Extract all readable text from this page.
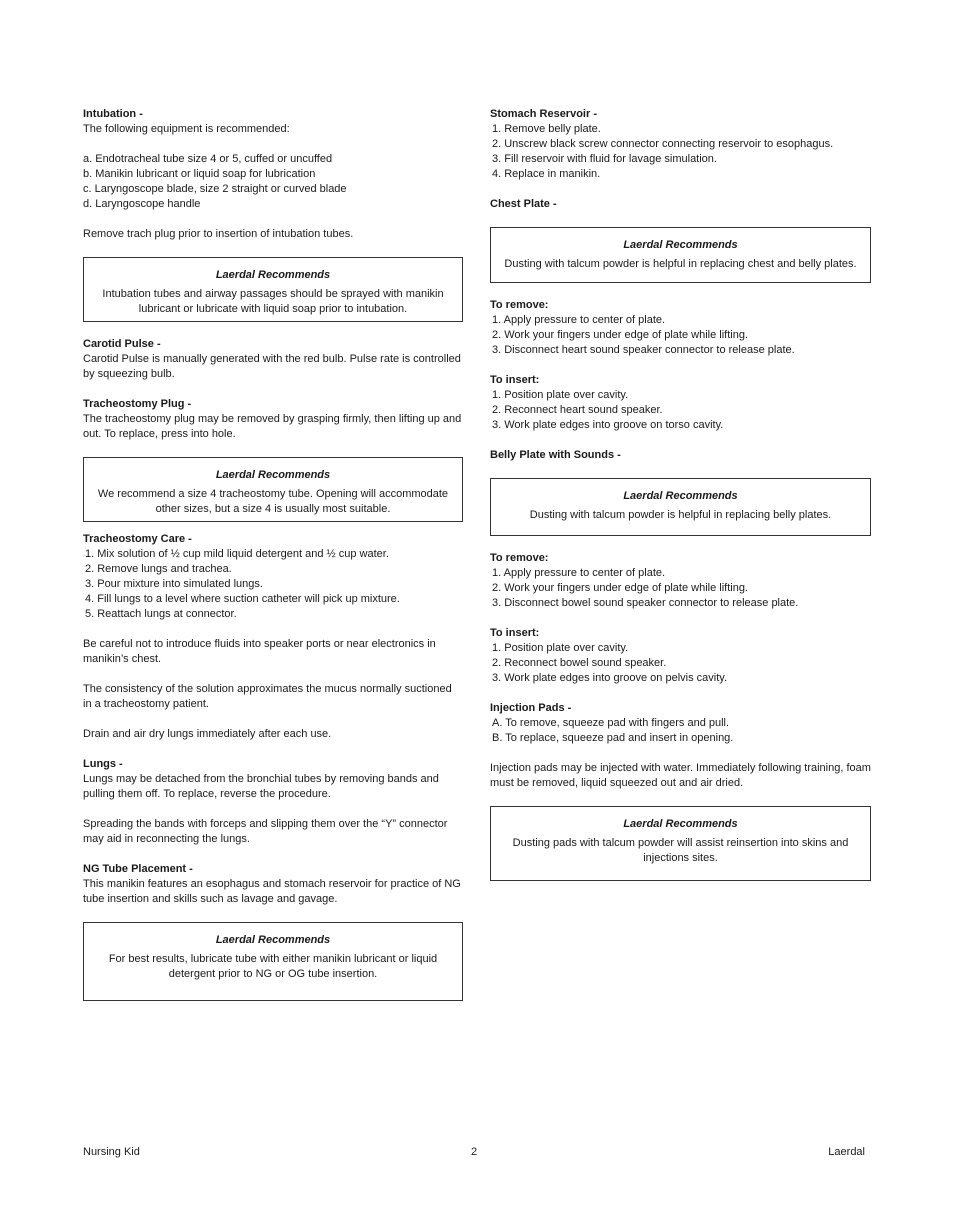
Intubation -

The following equipment is recommended:

a. Endotracheal tube size 4 or 5, cuffed or uncuffed
b. Manikin lubricant or liquid soap for lubrication
c. Laryngoscope blade, size 2 straight or curved blade
d. Laryngoscope handle

Remove trach plug prior to insertion of intubation tubes.

Laerdal Recommends
Intubation tubes and airway passages should be sprayed with manikin lubricant or lubricate with liquid soap prior to intubation.

Carotid Pulse -

Carotid Pulse is manually generated with the red bulb. Pulse rate is controlled by squeezing bulb.

Tracheostomy Plug -

The tracheostomy plug may be removed by grasping firmly, then lifting up and out. To replace, press into hole.

Laerdal Recommends
We recommend a size 4 tracheostomy tube. Opening will accommodate other sizes, but a size 4 is usually most suitable.

Tracheostomy Care -

1. Mix solution of ½ cup mild liquid detergent and ½ cup water.
2. Remove lungs and trachea.
3. Pour mixture into simulated lungs.
4. Fill lungs to a level where suction catheter will pick up mixture.
5. Reattach lungs at connector.

Be careful not to introduce fluids into speaker ports or near electronics in manikin’s chest.

The consistency of the solution approximates the mucus normally suctioned in a tracheostomy patient.

Drain and air dry lungs immediately after each use.

Lungs -

Lungs may be detached from the bronchial tubes by removing bands and pulling them off. To replace, reverse the procedure.

Spreading the bands with forceps and slipping them over the “Y” connector may aid in reconnecting the lungs.

NG Tube Placement -

This manikin features an esophagus and stomach reservoir for practice of NG tube insertion and skills such as lavage and gavage.

Laerdal Recommends
For best results, lubricate tube with either manikin lubricant or liquid detergent prior to NG or OG tube insertion.

Stomach Reservoir -

1. Remove belly plate.
2. Unscrew black screw connector connecting reservoir to esophagus.
3. Fill reservoir with fluid for lavage simulation.
4. Replace in manikin.

Chest Plate -

Laerdal Recommends
Dusting with talcum powder is helpful in replacing chest and belly plates.

To remove:

1. Apply pressure to center of plate.
2. Work your fingers under edge of plate while lifting.
3. Disconnect heart sound speaker connector to release plate.

To insert:

1. Position plate over cavity.
2. Reconnect heart sound speaker.
3. Work plate edges into groove on torso cavity.

Belly Plate with Sounds -

Laerdal Recommends
Dusting with talcum powder is helpful in replacing belly plates.

To remove:

1. Apply pressure to center of plate.
2. Work your fingers under edge of plate while lifting.
3. Disconnect bowel sound speaker connector to release plate.

To insert:

1. Position plate over cavity.
2. Reconnect bowel sound speaker.
3. Work plate edges into groove on pelvis cavity.

Injection Pads -

A. To remove, squeeze pad with fingers and pull.
B. To replace, squeeze pad and insert in opening.

Injection pads may be injected with water. Immediately following training, foam must be removed, liquid squeezed out and air dried.

Laerdal Recommends
Dusting pads with talcum powder will assist reinsertion into skins and injections sites.
Nursing Kid	2	Laerdal
